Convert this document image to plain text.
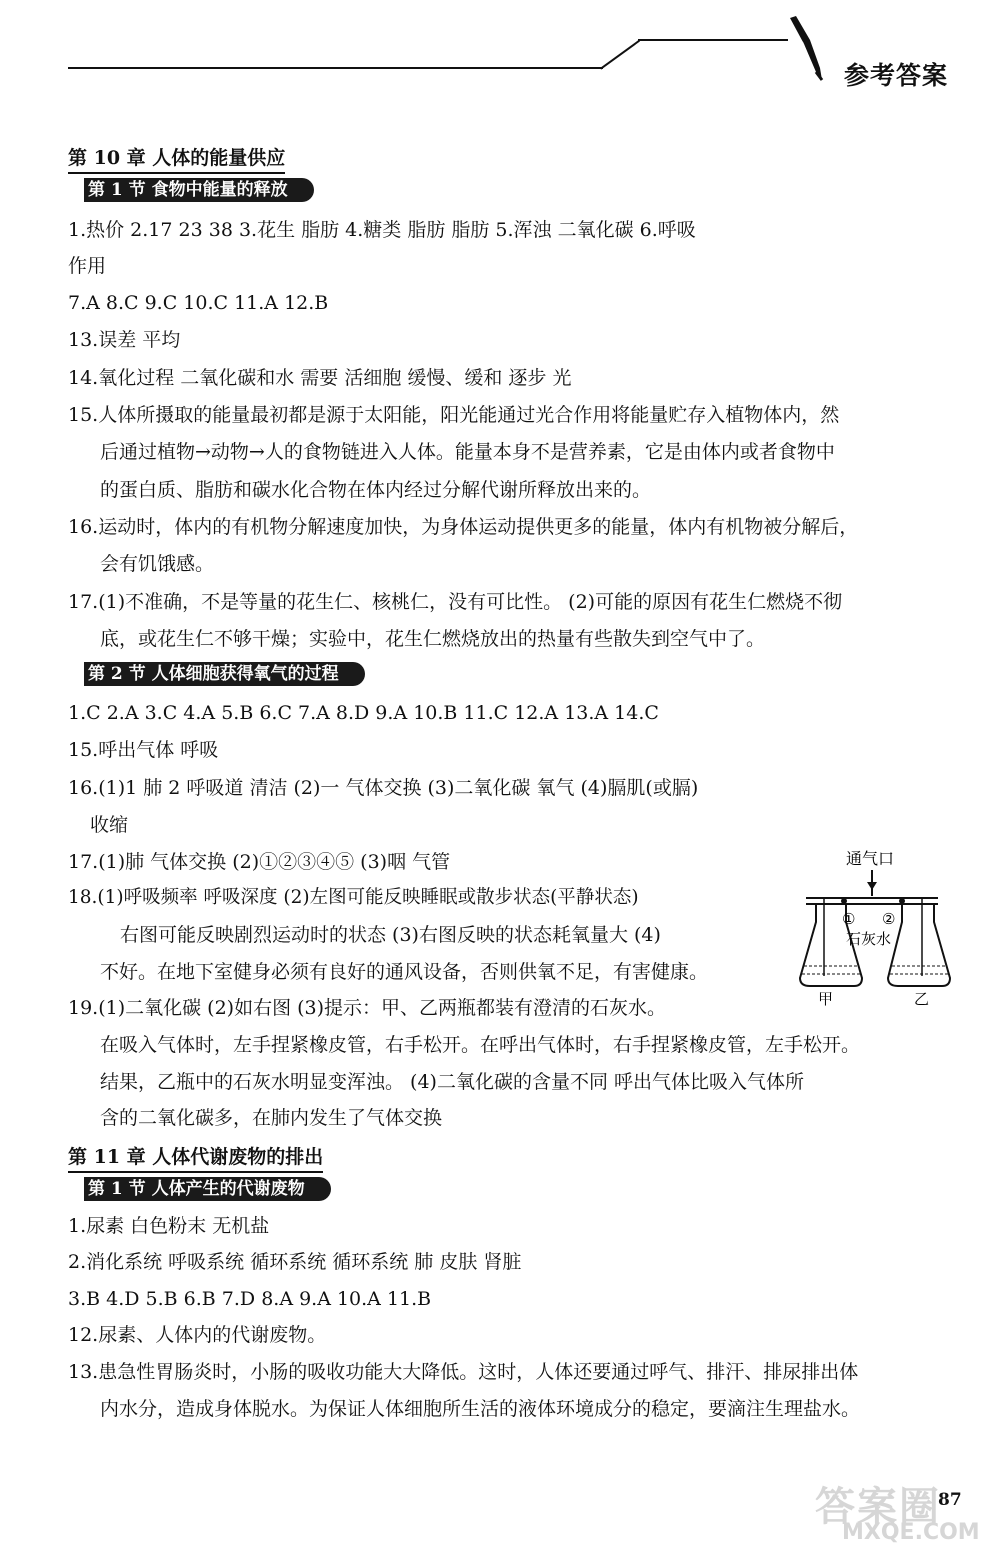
参考答案
第 10 章 人体的能量供应
第 1 节 食物中能量的释放
1.热价 2.17 23 38 3.花生 脂肪 4.糖类 脂肪 脂肪 5.浑浊 二氧化碳 6.呼吸
作用
7.A 8.C 9.C 10.C 11.A 12.B
13.误差 平均
14.氧化过程 二氧化碳和水 需要 活细胞 缓慢、缓和 逐步 光
15.人体所摄取的能量最初都是源于太阳能，阳光能通过光合作用将能量贮存入植物体内，然
后通过植物→动物→人的食物链进入人体。能量本身不是营养素，它是由体内或者食物中
的蛋白质、脂肪和碳水化合物在体内经过分解代谢所释放出来的。
16.运动时，体内的有机物分解速度加快，为身体运动提供更多的能量，体内有机物被分解后，
会有饥饿感。
17.(1)不准确，不是等量的花生仁、核桃仁，没有可比性。 (2)可能的原因有花生仁燃烧不彻
底，或花生仁不够干燥；实验中，花生仁燃烧放出的热量有些散失到空气中了。
第 2 节 人体细胞获得氧气的过程
1.C 2.A 3.C 4.A 5.B 6.C 7.A 8.D 9.A 10.B 11.C 12.A 13.A 14.C
15.呼出气体 呼吸
16.(1)1 肺 2 呼吸道 清洁 (2)一 气体交换 (3)二氧化碳 氧气 (4)膈肌(或膈)
收缩
17.(1)肺 气体交换 (2)①②③④⑤ (3)咽 气管
18.(1)呼吸频率 呼吸深度 (2)左图可能反映睡眠或散步状态(平静状态)
右图可能反映剧烈运动时的状态 (3)右图反映的状态耗氧量大 (4)
不好。在地下室健身必须有良好的通风设备，否则供氧不足，有害健康。
19.(1)二氧化碳 (2)如右图 (3)提示：甲、乙两瓶都装有澄清的石灰水。
在吸入气体时，左手捏紧橡皮管，右手松开。在呼出气体时，右手捏紧橡皮管，左手松开。
结果，乙瓶中的石灰水明显变浑浊。 (4)二氧化碳的含量不同 呼出气体比吸入气体所
含的二氧化碳多，在肺内发生了气体交换
通气口
① ②
石灰水
甲	乙
第 11 章 人体代谢废物的排出
第 1 节 人体产生的代谢废物
1.尿素 白色粉末 无机盐
2.消化系统 呼吸系统 循环系统 循环系统 肺 皮肤 肾脏
3.B 4.D 5.B 6.B 7.D 8.A 9.A 10.A 11.B
12.尿素、人体内的代谢废物。
13.患急性胃肠炎时，小肠的吸收功能大大降低。这时，人体还要通过呼气、排汗、排尿排出体
内水分，造成身体脱水。为保证人体细胞所生活的液体环境成分的稳定，要滴注生理盐水。
答案圈
MXQE.COM
87
